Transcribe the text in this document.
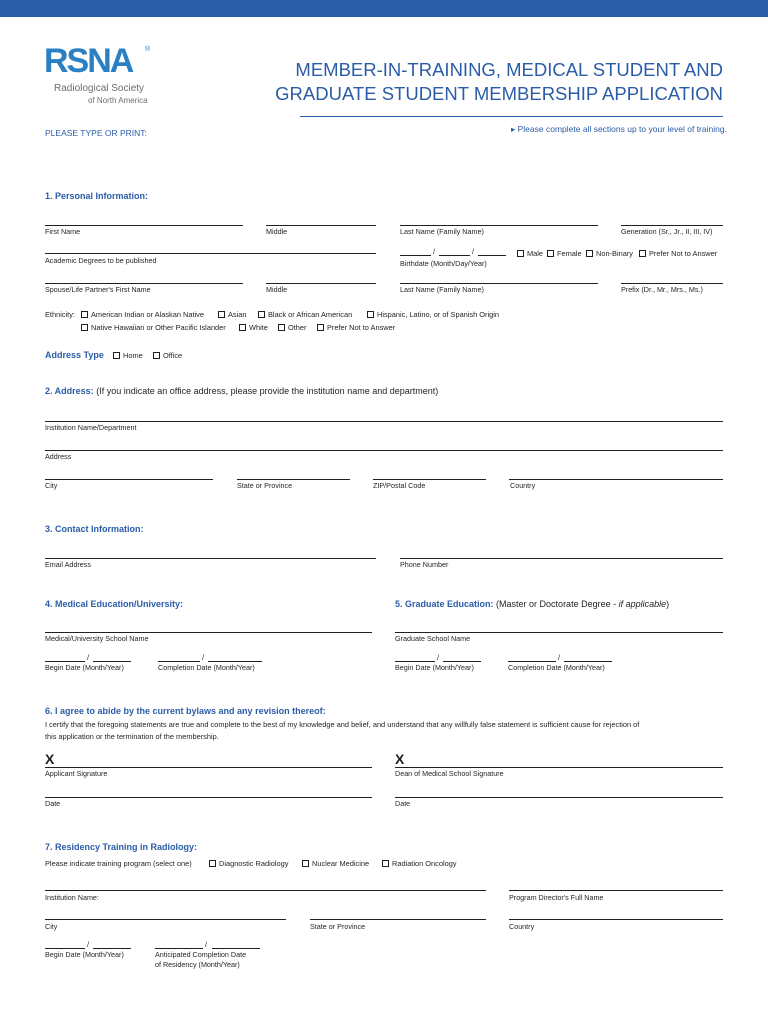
RSNA ®
Radiological Society
of North America
MEMBER-IN-TRAINING, MEDICAL STUDENT AND
GRADUATE STUDENT MEMBERSHIP APPLICATION
PLEASE TYPE OR PRINT:	▸ Please complete all sections up to your level of training.
1. Personal Information:
First Name	Middle	Last Name (Family Name)	Generation (Sr., Jr., II, III, IV)
Academic Degrees to be published
/	/
Birthdate (Month/Day/Year)
Male	Female	Non-Binary	Prefer Not to Answer
Spouse/Life Partner's First Name	Middle	Last Name (Family Name)	Prefix (Dr., Mr., Mrs., Ms.)
Ethnicity:	American Indian or Alaskan Native	Asian	Black or African American	Hispanic, Latino, or of Spanish Origin
Native Hawaiian or Other Pacific Islander	White	Other	Prefer Not to Answer
Address Type	Home	Office
2. Address: (If you indicate an office address, please provide the institution name and department)
Institution Name/Department
Address
City	State or Province	ZIP/Postal Code	Country
3. Contact Information:
Email Address	Phone Number
4. Medical Education/University:
Medical/University School Name
/	/
Begin Date (Month/Year)	Completion Date (Month/Year)
5. Graduate Education: (Master or Doctorate Degree - if applicable)
Graduate School Name
/	/
Begin Date (Month/Year)	Completion Date (Month/Year)
6. I agree to abide by the current bylaws and any revision thereof:
I certify that the foregoing statements are true and complete to the best of my knowledge and belief, and understand that any willfully false statement is sufficient cause for rejection of
this application or the termination of the membership.
X
Applicant Signature
X
Dean of Medical School Signature
Date	Date
7. Residency Training in Radiology:
Please indicate training program (select one)	Diagnostic Radiology	Nuclear Medicine	Radiation Oncology
Institution Name:	Program Director's Full Name
City	State or Province	Country
/	/
Begin Date (Month/Year)	Anticipated Completion Date
of Residency (Month/Year)
